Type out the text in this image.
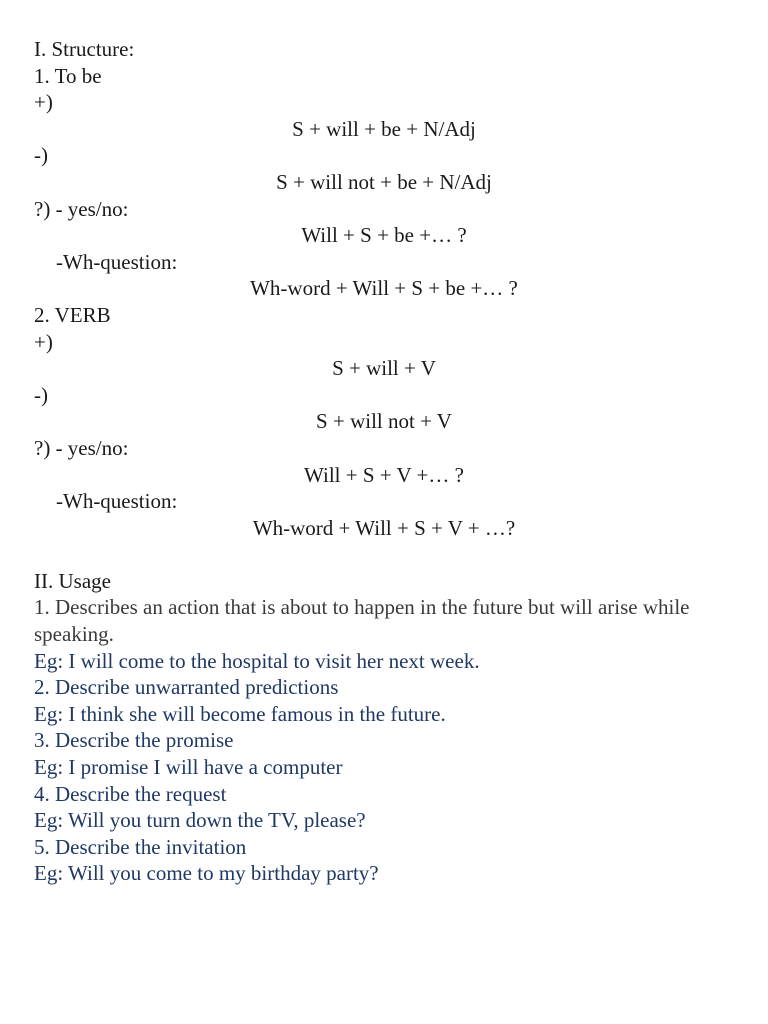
I. Structure:

1. To be

+)

S + will + be + N/Adj

-)

S + will not + be + N/Adj

?) - yes/no:

Will + S + be +… ?

-Wh-question:

Wh-word + Will + S + be +… ?

2. VERB

+)

S + will + V

-)

S + will not + V

?) - yes/no:

Will + S + V +… ?

-Wh-question:

Wh-word + Will + S + V + …?

II. Usage

1. Describes an action that is about to happen in the future but will arise while speaking.

Eg: I will come to the hospital to visit her next week.

2. Describe unwarranted predictions

Eg: I think she will become famous in the future.

3. Describe the promise

Eg: I promise I will have a computer

4. Describe the request

Eg: Will you turn down the TV, please?

5. Describe the invitation

Eg: Will you come to my birthday party?
